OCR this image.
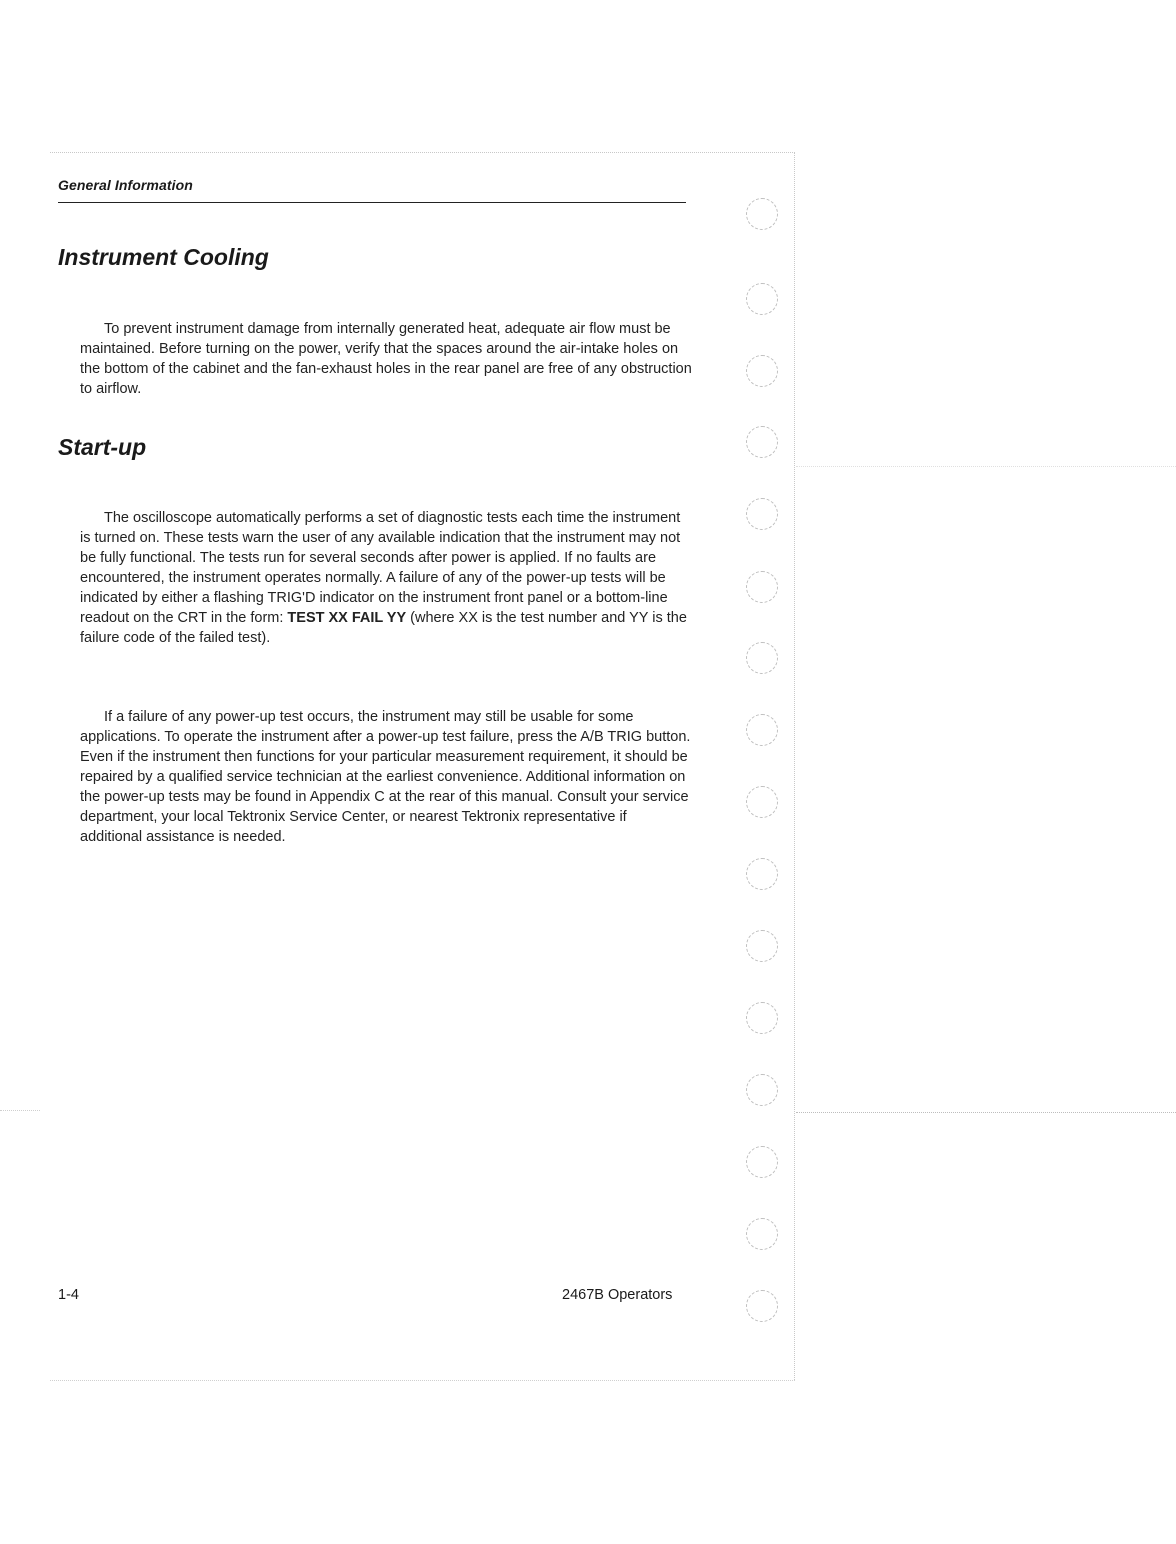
General Information
Instrument Cooling

To prevent instrument damage from internally generated heat, adequate air flow must be maintained. Before turning on the power, verify that the spaces around the air-intake holes on the bottom of the cabinet and the fan-exhaust holes in the rear panel are free of any obstruction to airflow.

Start-up

The oscilloscope automatically performs a set of diagnostic tests each time the instrument is turned on. These tests warn the user of any available indication that the instrument may not be fully functional. The tests run for several seconds after power is applied. If no faults are encountered, the instrument operates normally. A failure of any of the power-up tests will be indicated by either a flashing TRIG'D indicator on the instrument front panel or a bottom-line readout on the CRT in the form: TEST XX FAIL YY (where XX is the test number and YY is the failure code of the failed test).

If a failure of any power-up test occurs, the instrument may still be usable for some applications. To operate the instrument after a power-up test failure, press the A/B TRIG button. Even if the instrument then functions for your particular measurement requirement, it should be repaired by a qualified service technician at the earliest convenience. Additional information on the power-up tests may be found in Appendix C at the rear of this manual. Consult your service department, your local Tektronix Service Center, or nearest Tektronix representative if additional assistance is needed.

1-4	2467B Operators
